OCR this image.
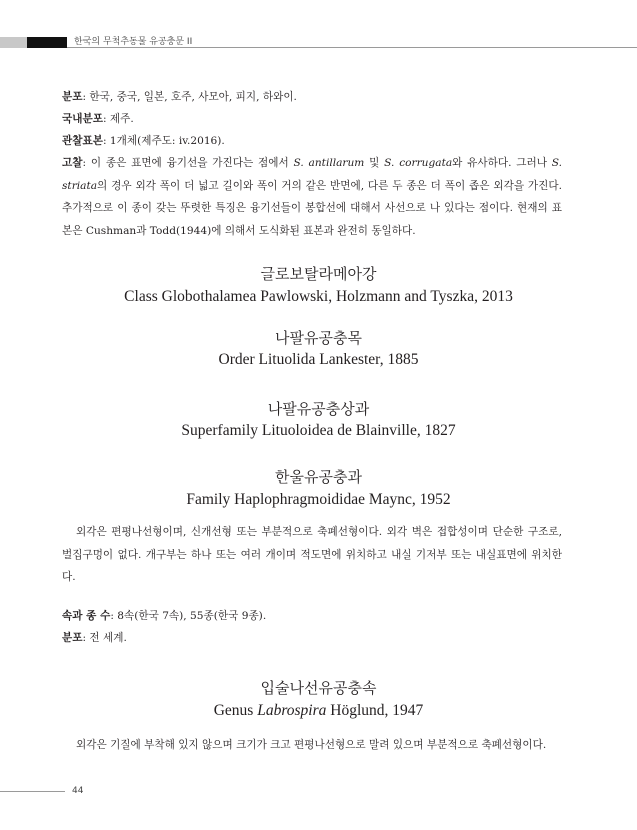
한국의 무척추동물 유공충문 II

분포: 한국, 중국, 일본, 호주, 사모아, 피지, 하와이.

국내분포: 제주.

관찰표본: 1개체(제주도: iv.2016).

고찰: 이 종은 표면에 융기선을 가진다는 점에서 S. antillarum 및 S. corrugata와 유사하다. 그러나 S. striata의 경우 외각 폭이 더 넓고 길이와 폭이 거의 같은 반면에, 다른 두 종은 더 폭이 좁은 외각을 가진다. 추가적으로 이 종이 갖는 뚜렷한 특징은 융기선들이 봉합선에 대해서 사선으로 나 있다는 점이다. 현재의 표본은 Cushman과 Todd(1944)에 의해서 도식화된 표본과 완전히 동일하다.

글로보탈라메아강
Class Globothalamea Pawlowski, Holzmann and Tyszka, 2013
나팔유공충목
Order Lituolida Lankester, 1885
나팔유공충상과
Superfamily Lituoloidea de Blainville, 1827
한울유공충과
Family Haplophragmoididae Maync, 1952

외각은 편평나선형이며, 신개선형 또는 부분적으로 축폐선형이다. 외각 벽은 접합성이며 단순한 구조로, 벌집구멍이 없다. 개구부는 하나 또는 여러 개이며 적도면에 위치하고 내실 기저부 또는 내실표면에 위치한다.

속과 종 수: 8속(한국 7속), 55종(한국 9종).

분포: 전 세계.

입술나선유공충속
Genus Labrospira Höglund, 1947

외각은 기질에 부착해 있지 않으며 크기가 크고 편평나선형으로 말려 있으며 부분적으로 축폐선형이다.

44
